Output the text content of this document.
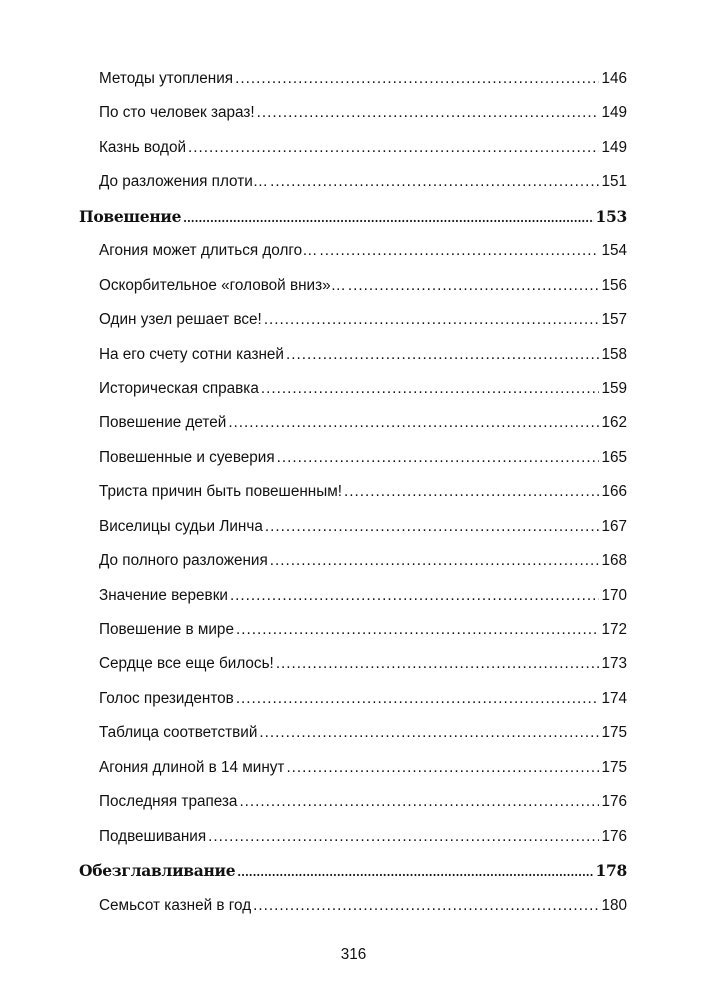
Методы утопления .....	146
По сто человек зараз! .....	149
Казнь водой .....	149
До разложения плоти… .....	151
Повешение .....	153
Агония может длиться долго… .....	154
Оскорбительное «головой вниз»… .....	156
Один узел решает все! .....	157
На его счету сотни казней .....	158
Историческая справка .....	159
Повешение детей .....	162
Повешенные и суеверия .....	165
Триста причин быть повешенным! .....	166
Виселицы судьи Линча .....	167
До полного разложения .....	168
Значение веревки .....	170
Повешение в мире .....	172
Сердце все еще билось! .....	173
Голос президентов .....	174
Таблица соответствий .....	175
Агония длиной в 14 минут .....	175
Последняя трапеза .....	176
Подвешивания .....	176
Обезглавливание .....	178
Семьсот казней в год .....	180
316
